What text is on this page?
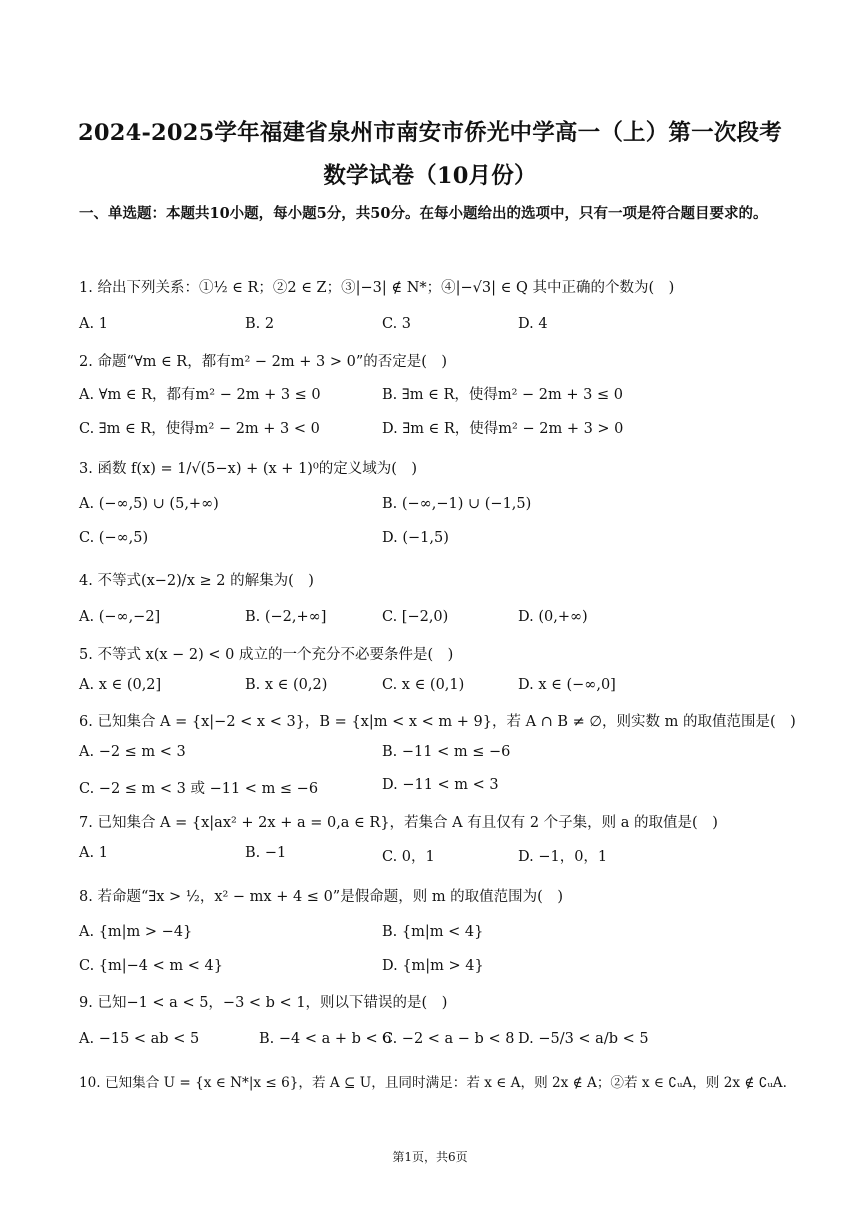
2024-2025学年福建省泉州市南安市侨光中学高一（上）第一次段考
数学试卷（10月份）
一、单选题：本题共10小题，每小题5分，共50分。在每小题给出的选项中，只有一项是符合题目要求的。
1. 给出下列关系：①½ ∈ R；②2 ∈ Z；③|−3| ∉ N*；④|−√3| ∈ Q 其中正确的个数为(　)
A. 1	B. 2	C. 3	D. 4
2. 命题“∀m ∈ R，都有m² − 2m + 3 > 0”的否定是(　)
A. ∀m ∈ R，都有m² − 2m + 3 ≤ 0	B. ∃m ∈ R，使得m² − 2m + 3 ≤ 0
C. ∃m ∈ R，使得m² − 2m + 3 < 0	D. ∃m ∈ R，使得m² − 2m + 3 > 0
3. 函数 f(x) = 1/√(5−x) + (x + 1)⁰的定义域为(　)
A. (−∞,5) ∪ (5,+∞)	B. (−∞,−1) ∪ (−1,5)
C. (−∞,5)	D. (−1,5)
4. 不等式(x−2)/x ≥ 2 的解集为(　)
A. (−∞,−2]	B. (−2,+∞]	C. [−2,0)	D. (0,+∞)
5. 不等式 x(x − 2) < 0 成立的一个充分不必要条件是(　)
A. x ∈ (0,2]	B. x ∈ (0,2)	C. x ∈ (0,1)	D. x ∈ (−∞,0]
6. 已知集合 A = {x|−2 < x < 3}，B = {x|m < x < m + 9}，若 A ∩ B ≠ ∅，则实数 m 的取值范围是(　)
A. −2 ≤ m < 3	B. −11 < m ≤ −6
C. −2 ≤ m < 3 或 −11 < m ≤ −6	D. −11 < m < 3
7. 已知集合 A = {x|ax² + 2x + a = 0,a ∈ R}，若集合 A 有且仅有 2 个子集，则 a 的取值是(　)
A. 1	B. −1	C. 0，1	D. −1，0，1
8. 若命题“∃x > ½，x² − mx + 4 ≤ 0”是假命题，则 m 的取值范围为(　)
A. {m|m > −4}	B. {m|m < 4}
C. {m|−4 < m < 4}	D. {m|m > 4}
9. 已知−1 < a < 5，−3 < b < 1，则以下错误的是(　)
A. −15 < ab < 5	B. −4 < a + b < 6
C. −2 < a − b < 8 D. −5/3 < a/b < 5
10. 已知集合 U = {x ∈ N*|x ≤ 6}，若 A ⊆ U，且同时满足：若 x ∈ A，则 2x ∉ A；②若 x ∈ ∁ᵤA，则 2x ∉ ∁ᵤA.
第1页，共6页
